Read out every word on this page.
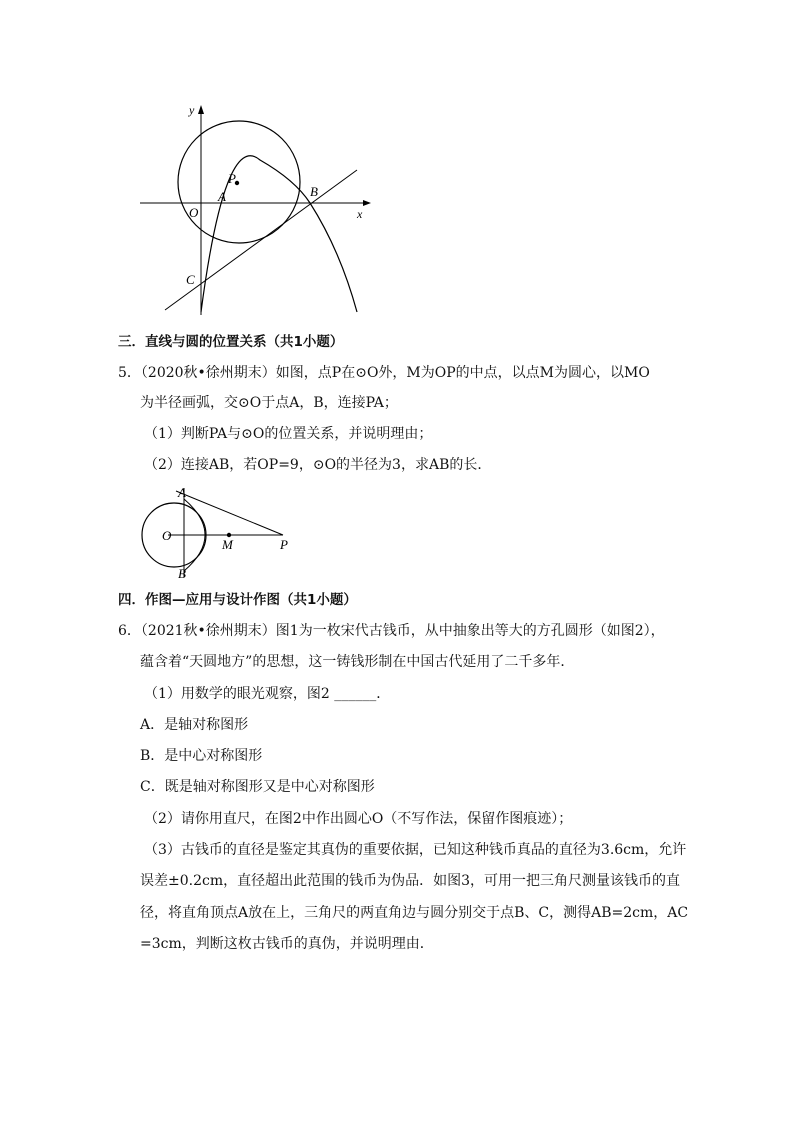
y
x
O
A
P
B
C
三．直线与圆的位置关系（共1小题）
5．（2020秋•徐州期末）如图，点P在⊙O外，M为OP的中点，以点M为圆心，以MO
为半径画弧，交⊙O于点A，B，连接PA；
（1）判断PA与⊙O的位置关系，并说明理由；
（2）连接AB，若OP=9，⊙O的半径为3，求AB的长．
A
O
M	P
B
四．作图—应用与设计作图（共1小题）
6．（2021秋•徐州期末）图1为一枚宋代古钱币，从中抽象出等大的方孔圆形（如图2），
蕴含着“天圆地方”的思想，这一铸钱形制在中国古代延用了二千多年．
（1）用数学的眼光观察，图2 ______．
A．是轴对称图形
B．是中心对称图形
C．既是轴对称图形又是中心对称图形
（2）请你用直尺，在图2中作出圆心O（不写作法，保留作图痕迹）；
（3）古钱币的直径是鉴定其真伪的重要依据，已知这种钱币真品的直径为3.6cm，允许
误差±0.2cm，直径超出此范围的钱币为伪品．如图3，可用一把三角尺测量该钱币的直
径，将直角顶点A放在上，三角尺的两直角边与圆分别交于点B、C，测得AB=2cm，AC
=3cm，判断这枚古钱币的真伪，并说明理由．
